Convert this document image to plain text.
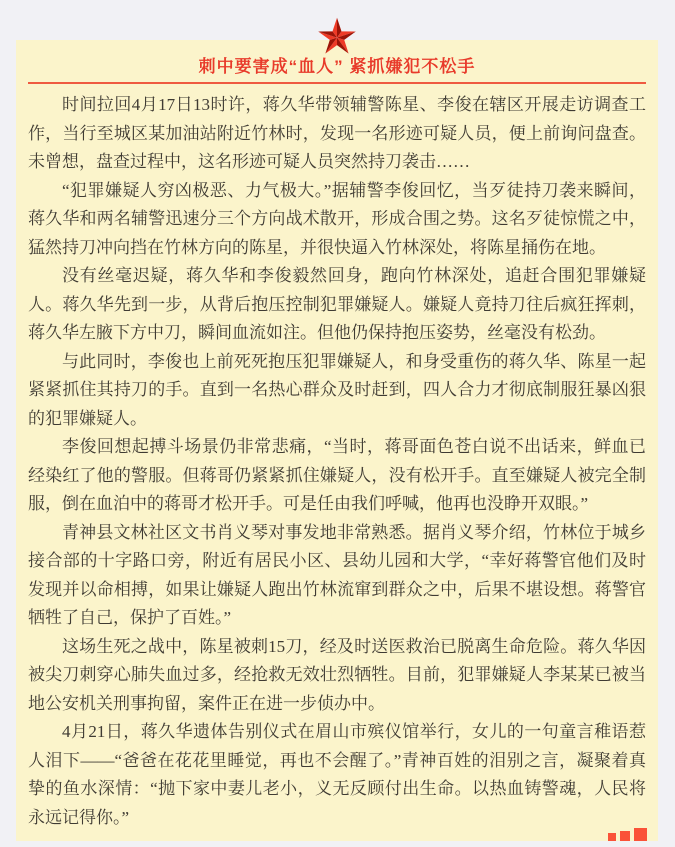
刺中要害成“血人” 紧抓嫌犯不松手

时间拉回4月17日13时许，蒋久华带领辅警陈星、李俊在辖区开展走访调查工作，当行至城区某加油站附近竹林时，发现一名形迹可疑人员，便上前询问盘查。未曾想，盘查过程中，这名形迹可疑人员突然持刀袭击……

“犯罪嫌疑人穷凶极恶、力气极大。”据辅警李俊回忆，当歹徒持刀袭来瞬间，蒋久华和两名辅警迅速分三个方向战术散开，形成合围之势。这名歹徒惊慌之中，猛然持刀冲向挡在竹林方向的陈星，并很快逼入竹林深处，将陈星捅伤在地。

没有丝毫迟疑，蒋久华和李俊毅然回身，跑向竹林深处，追赶合围犯罪嫌疑人。蒋久华先到一步，从背后抱压控制犯罪嫌疑人。嫌疑人竟持刀往后疯狂挥刺，蒋久华左腋下方中刀，瞬间血流如注。但他仍保持抱压姿势，丝毫没有松劲。

与此同时，李俊也上前死死抱压犯罪嫌疑人，和身受重伤的蒋久华、陈星一起紧紧抓住其持刀的手。直到一名热心群众及时赶到，四人合力才彻底制服狂暴凶狠的犯罪嫌疑人。

李俊回想起搏斗场景仍非常悲痛，“当时，蒋哥面色苍白说不出话来，鲜血已经染红了他的警服。但蒋哥仍紧紧抓住嫌疑人，没有松开手。直至嫌疑人被完全制服，倒在血泊中的蒋哥才松开手。可是任由我们呼喊，他再也没睁开双眼。”

青神县文林社区文书肖义琴对事发地非常熟悉。据肖义琴介绍，竹林位于城乡接合部的十字路口旁，附近有居民小区、县幼儿园和大学，“幸好蒋警官他们及时发现并以命相搏，如果让嫌疑人跑出竹林流窜到群众之中，后果不堪设想。蒋警官牺牲了自己，保护了百姓。”

这场生死之战中，陈星被刺15刀，经及时送医救治已脱离生命危险。蒋久华因被尖刀刺穿心肺失血过多，经抢救无效壮烈牺牲。目前，犯罪嫌疑人李某某已被当地公安机关刑事拘留，案件正在进一步侦办中。

4月21日，蒋久华遗体告别仪式在眉山市殡仪馆举行，女儿的一句童言稚语惹人泪下——“爸爸在花花里睡觉，再也不会醒了。”青神百姓的泪别之言，凝聚着真挚的鱼水深情：“抛下家中妻儿老小，义无反顾付出生命。以热血铸警魂，人民将永远记得你。”
